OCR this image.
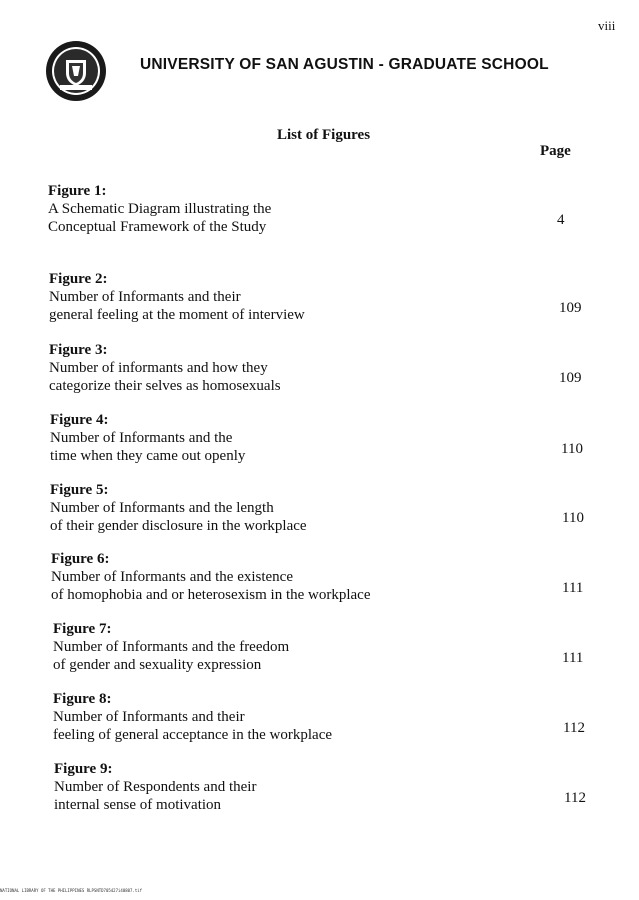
viii
UNIVERSITY OF SAN AGUSTIN - GRADUATE SCHOOL
List of Figures
Page
Figure 1:
A Schematic Diagram illustrating the
Conceptual Framework of the Study	4
Figure 2:
Number of Informants and their
general feeling at the moment of interview	109
Figure 3:
Number of informants and how they
categorize their selves as homosexuals	109
Figure 4:
Number of Informants and the
time when they came out openly	110
Figure 5:
Number of Informants and the length
of their gender disclosure in the workplace	110
Figure 6:
Number of Informants and the existence
of homophobia and or heterosexism in the workplace	111
Figure 7:
Number of Informants and the freedom
of gender and sexuality expression	111
Figure 8:
Number of Informants and their
feeling of general acceptance in the workplace	112
Figure 9:
Number of Respondents and their
internal sense of motivation	112
NATIONAL LIBRARY OF THE PHILIPPINES RLPSNTD705427i40807.tif
